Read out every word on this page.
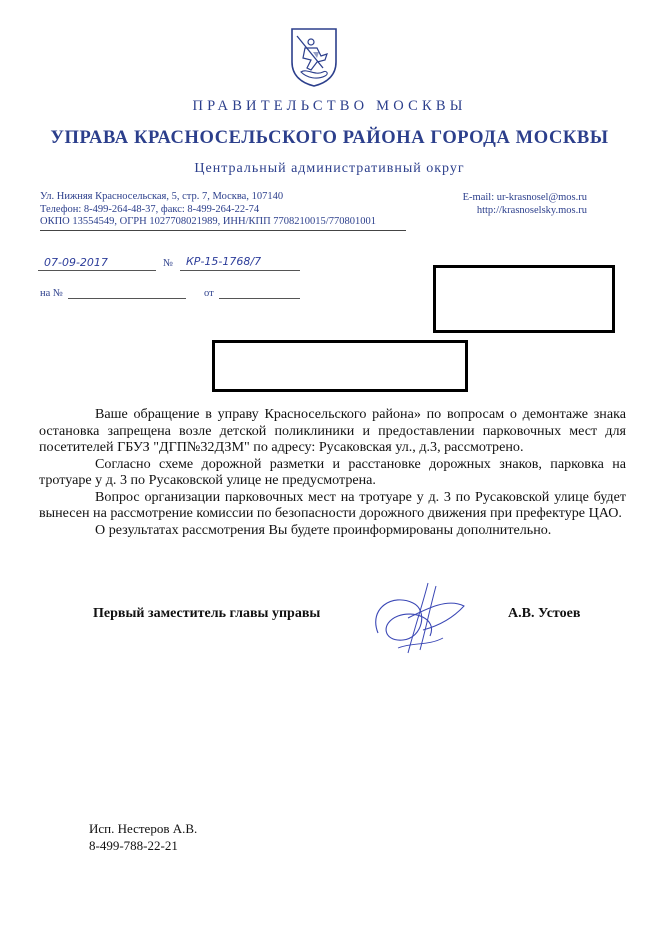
ПРАВИТЕЛЬСТВО МОСКВЫ
УПРАВА КРАСНОСЕЛЬСКОГО РАЙОНА ГОРОДА МОСКВЫ
Центральный административный округ
Ул. Нижняя Красносельская, 5, стр. 7, Москва, 107140
Телефон: 8-499-264-48-37, факс: 8-499-264-22-74
ОКПО 13554549, ОГРН 1027708021989, ИНН/КПП 7708210015/770801001
E-mail: ur-krasnosel@mos.ru
http://krasnoselsky.mos.ru
07-09-2017	№ КР-15-1768/7
на №	от

Ваше обращение в управу Красносельского района» по вопросам о демонтаже знака остановка запрещена возле детской поликлиники и предоставлении парковочных мест для посетителей ГБУЗ "ДГП№32ДЗМ" по адресу: Русаковская ул., д.3, рассмотрено.

Согласно схеме дорожной разметки и расстановке дорожных знаков, парковка на тротуаре у д. 3 по Русаковской улице не предусмотрена.

Вопрос организации парковочных мест на тротуаре у д. 3 по Русаковской улице будет вынесен на рассмотрение комиссии по безопасности дорожного движения при префектуре ЦАО.

О результатах рассмотрения Вы будете проинформированы дополнительно.

Первый заместитель главы управы	А.В. Устоев
Исп. Нестеров А.В.
8-499-788-22-21
